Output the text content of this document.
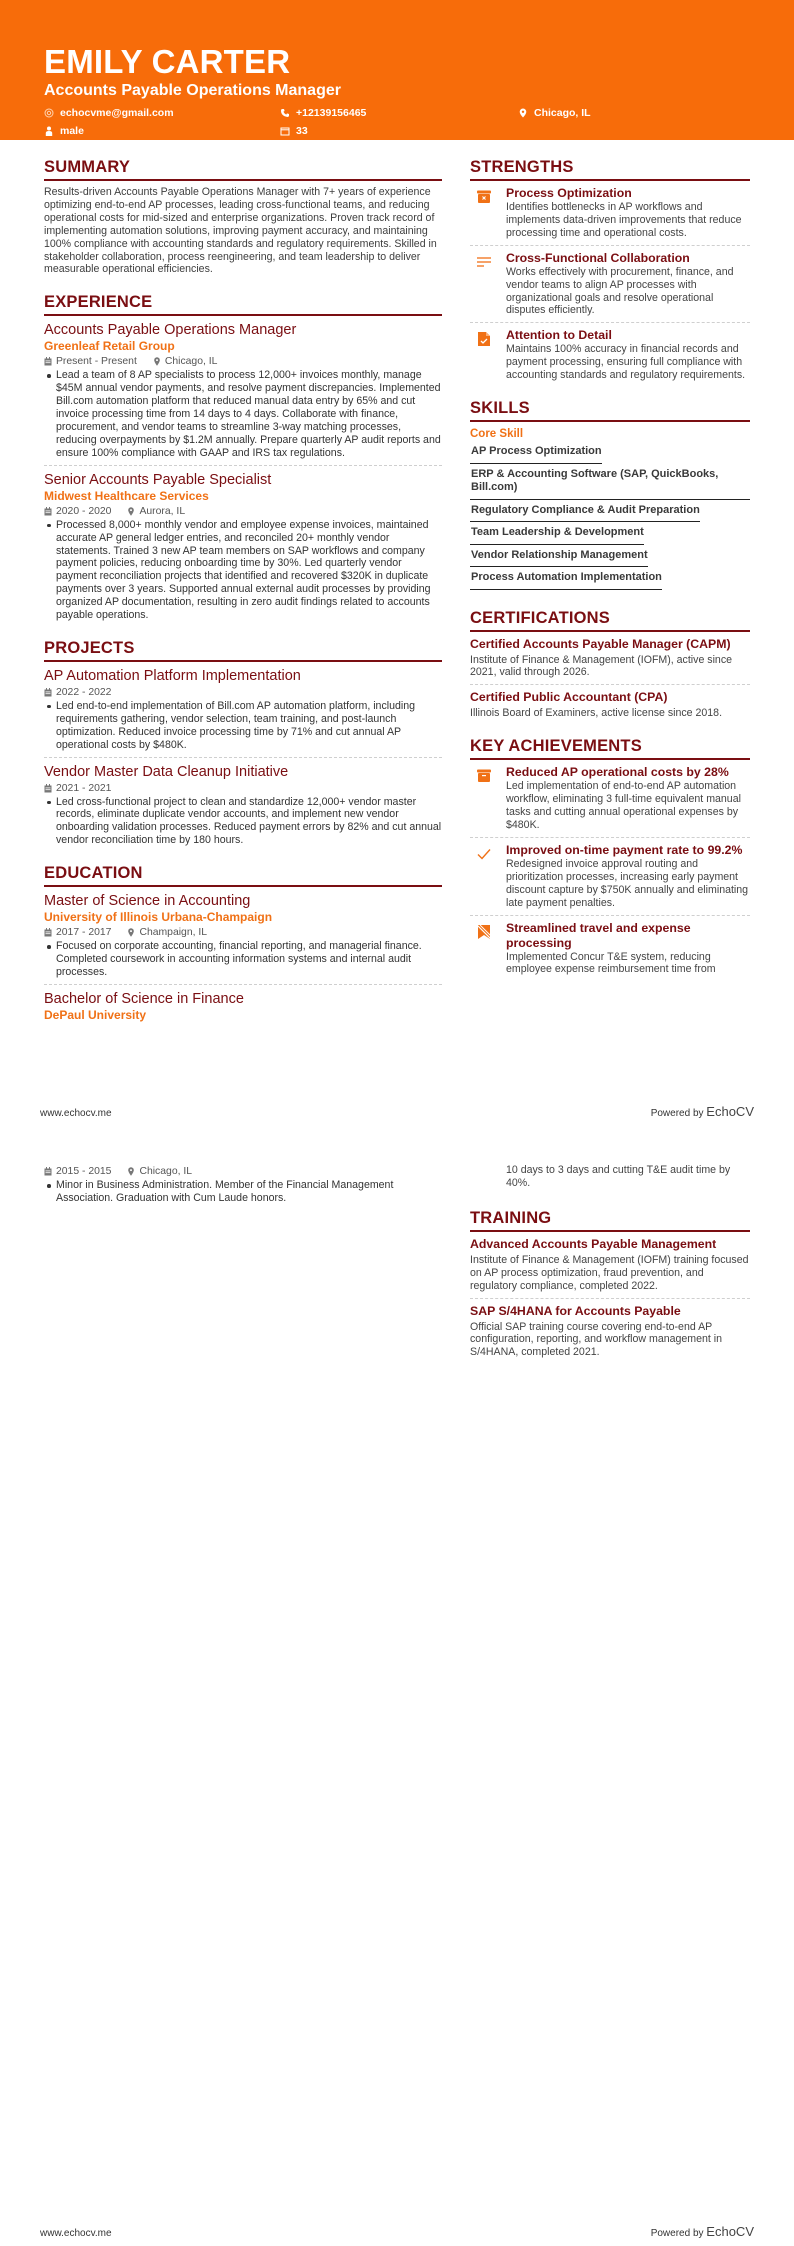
EMILY CARTER
Accounts Payable Operations Manager
echocvme@gmail.com	+12139156465	Chicago, IL
male	33
SUMMARY
Results-driven Accounts Payable Operations Manager with 7+ years of experience optimizing end-to-end AP processes, leading cross-functional teams, and reducing operational costs for mid-sized and enterprise organizations. Proven track record of implementing automation solutions, improving payment accuracy, and maintaining 100% compliance with accounting standards and regulatory requirements. Skilled in stakeholder collaboration, process reengineering, and team leadership to deliver measurable operational efficiencies.
EXPERIENCE
Accounts Payable Operations Manager
Greenleaf Retail Group
Present - Present	Chicago, IL
Lead a team of 8 AP specialists to process 12,000+ invoices monthly, manage $45M annual vendor payments, and resolve payment discrepancies. Implemented Bill.com automation platform that reduced manual data entry by 65% and cut invoice processing time from 14 days to 4 days. Collaborate with finance, procurement, and vendor teams to streamline 3-way matching processes, reducing overpayments by $1.2M annually. Prepare quarterly AP audit reports and ensure 100% compliance with GAAP and IRS tax regulations.
Senior Accounts Payable Specialist
Midwest Healthcare Services
2020 - 2020	Aurora, IL
Processed 8,000+ monthly vendor and employee expense invoices, maintained accurate AP general ledger entries, and reconciled 20+ monthly vendor statements. Trained 3 new AP team members on SAP workflows and company payment policies, reducing onboarding time by 30%. Led quarterly vendor payment reconciliation projects that identified and recovered $320K in duplicate payments over 3 years. Supported annual external audit processes by providing organized AP documentation, resulting in zero audit findings related to accounts payable operations.
PROJECTS
AP Automation Platform Implementation
2022 - 2022
Led end-to-end implementation of Bill.com AP automation platform, including requirements gathering, vendor selection, team training, and post-launch optimization. Reduced invoice processing time by 71% and cut annual AP operational costs by $480K.
Vendor Master Data Cleanup Initiative
2021 - 2021
Led cross-functional project to clean and standardize 12,000+ vendor master records, eliminate duplicate vendor accounts, and implement new vendor onboarding validation processes. Reduced payment errors by 82% and cut annual vendor reconciliation time by 180 hours.
EDUCATION
Master of Science in Accounting
University of Illinois Urbana-Champaign
2017 - 2017	Champaign, IL
Focused on corporate accounting, financial reporting, and managerial finance. Completed coursework in accounting information systems and internal audit processes.
Bachelor of Science in Finance
DePaul University
STRENGTHS
Process Optimization
Identifies bottlenecks in AP workflows and implements data-driven improvements that reduce processing time and operational costs.
Cross-Functional Collaboration
Works effectively with procurement, finance, and vendor teams to align AP processes with organizational goals and resolve operational disputes efficiently.
Attention to Detail
Maintains 100% accuracy in financial records and payment processing, ensuring full compliance with accounting standards and regulatory requirements.
SKILLS
Core Skill
AP Process Optimization
ERP & Accounting Software (SAP, QuickBooks, Bill.com)
Regulatory Compliance & Audit Preparation
Team Leadership & Development
Vendor Relationship Management
Process Automation Implementation
CERTIFICATIONS
Certified Accounts Payable Manager (CAPM)
Institute of Finance & Management (IOFM), active since 2021, valid through 2026.
Certified Public Accountant (CPA)
Illinois Board of Examiners, active license since 2018.
KEY ACHIEVEMENTS
Reduced AP operational costs by 28%
Led implementation of end-to-end AP automation workflow, eliminating 3 full-time equivalent manual tasks and cutting annual operational expenses by $480K.
Improved on-time payment rate to 99.2%
Redesigned invoice approval routing and prioritization processes, increasing early payment discount capture by $750K annually and eliminating late payment penalties.
Streamlined travel and expense processing
Implemented Concur T&E system, reducing employee expense reimbursement time from
www.echocv.me	Powered by EchoCV
2015 - 2015	Chicago, IL
Minor in Business Administration. Member of the Financial Management Association. Graduation with Cum Laude honors.
10 days to 3 days and cutting T&E audit time by 40%.
TRAINING
Advanced Accounts Payable Management
Institute of Finance & Management (IOFM) training focused on AP process optimization, fraud prevention, and regulatory compliance, completed 2022.
SAP S/4HANA for Accounts Payable
Official SAP training course covering end-to-end AP configuration, reporting, and workflow management in S/4HANA, completed 2021.
www.echocv.me	Powered by EchoCV
